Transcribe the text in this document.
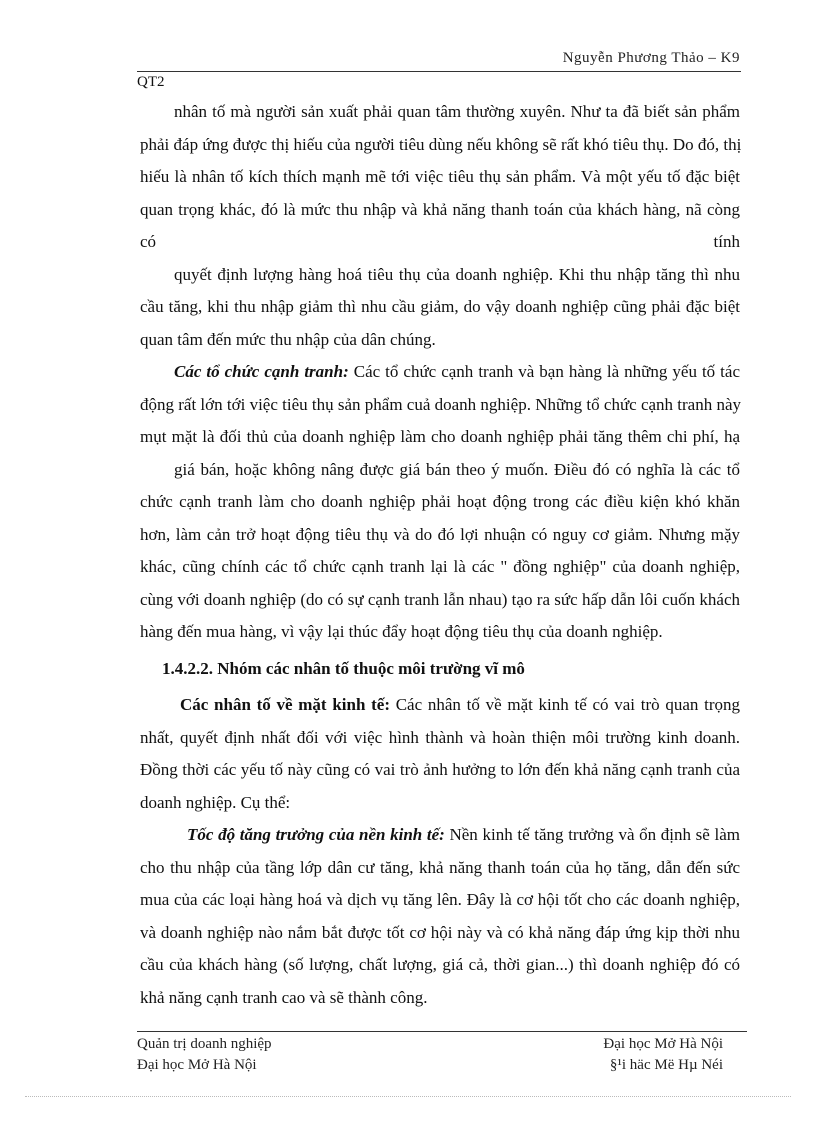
Nguyễn Phương Thảo – K9
QT2
nhân tố mà người sản xuất phải quan tâm thường xuyên. Như ta đã biết sản phẩm
phải đáp ứng được thị hiếu của người tiêu dùng nếu không sẽ rất khó tiêu thụ. Do đó, thị
hiếu là nhân tố kích thích mạnh mẽ tới việc tiêu thụ sản phẩm. Và một yếu tố đặc biệt
quan trọng khác, đó là mức thu nhập và khả năng thanh toán của khách hàng, nã còng
có	tính
quyết định lượng hàng hoá tiêu thụ của doanh nghiệp. Khi thu nhập tăng thì nhu
cầu tăng, khi thu nhập giảm thì nhu cầu giảm, do vậy doanh nghiệp cũng phải đặc biệt
quan tâm đến mức thu nhập của dân chúng.
Các tổ chức cạnh tranh: Các tổ chức cạnh tranh và bạn hàng là những yếu tố tác
động rất lớn tới việc tiêu thụ sản phẩm cuả doanh nghiệp. Những tổ chức cạnh tranh này
mụt mặt là đối thủ của doanh nghiệp làm cho doanh nghiệp phải tăng thêm chi phí, hạ
giá bán, hoặc không nâng được giá bán theo ý muốn. Điều đó có nghĩa là các tổ
chức cạnh tranh làm cho doanh nghiệp phải hoạt động trong các điều kiện khó khăn
hơn, làm cản trở hoạt động tiêu thụ và do đó lợi nhuận có nguy cơ giảm. Nhưng mặy
khác, cũng chính các tổ chức cạnh tranh lại là các " đồng nghiệp" của doanh nghiệp,
cùng với doanh nghiệp (do có sự cạnh tranh lẫn nhau) tạo ra sức hấp dẫn lôi cuốn khách
hàng đến mua hàng, vì vậy lại thúc đẩy hoạt động tiêu thụ của doanh nghiệp.
1.4.2.2. Nhóm các nhân tố thuộc môi trường vĩ mô
Các nhân tố về mặt kinh tế: Các nhân tố về mặt kinh tế có vai trò quan trọng
nhất, quyết định nhất đối với việc hình thành và hoàn thiện môi trường kinh doanh.
Đồng thời các yếu tố này cũng có vai trò ảnh hưởng to lớn đến khả năng cạnh tranh của
doanh nghiệp. Cụ thể:
Tốc độ tăng trưởng của nền kinh tế: Nền kinh tế tăng trưởng và ổn định sẽ làm
cho thu nhập của tầng lớp dân cư tăng, khả năng thanh toán của họ tăng, dẫn đến sức
mua của các loại hàng hoá và dịch vụ tăng lên. Đây là cơ hội tốt cho các doanh nghiệp,
và doanh nghiệp nào nắm bắt được tốt cơ hội này và có khả năng đáp ứng kịp thời nhu
cầu của khách hàng (số lượng, chất lượng, giá cả, thời gian...) thì doanh nghiệp đó có
khả năng cạnh tranh cao và sẽ thành công.
Quản trị doanh nghiệp	Đại học Mở Hà Nội
Đại học Mở Hà Nội	§¹i häc Më Hµ Néi
